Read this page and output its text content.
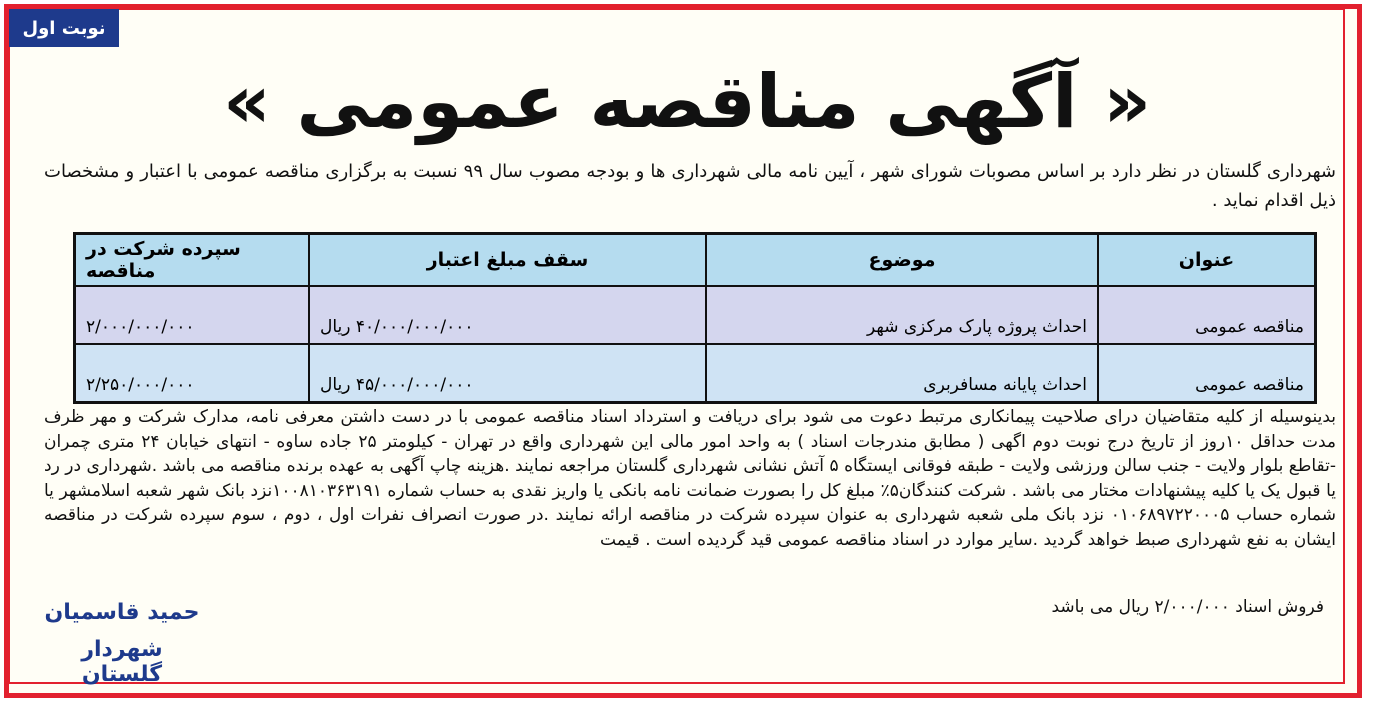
نوبت اول
« آگهی مناقصه عمومی »
شهرداری گلستان در نظر دارد بر اساس مصوبات شورای شهر ، آیین نامه مالی شهرداری ها و بودجه مصوب سال ۹۹ نسبت به برگزاری مناقصه عمومی با اعتبار و مشخصات ذیل اقدام نماید .
عنوان	موضوع	سقف مبلغ اعتبار	سپرده شرکت در مناقصه
مناقصه عمومی	احداث پروژه پارک مرکزی شهر	۴۰/۰۰۰/۰۰۰/۰۰۰ ریال	۲/۰۰۰/۰۰۰/۰۰۰
مناقصه عمومی	احداث پایانه مسافربری	۴۵/۰۰۰/۰۰۰/۰۰۰ ریال	۲/۲۵۰/۰۰۰/۰۰۰
بدینوسیله از کلیه متقاضیان درای صلاحیت پیمانکاری مرتبط دعوت می شود برای دریافت و استرداد اسناد مناقصه عمومی با در دست داشتن معرفی نامه، مدارک شرکت و مهر ظرف مدت حداقل ۱۰روز از تاریخ درج نوبت دوم اگهی ( مطابق مندرجات اسناد ) به واحد امور مالی این شهرداری واقع در تهران - کیلومتر ۲۵ جاده ساوه - انتهای خیابان ۲۴ متری چمران -تقاطع بلوار ولایت - جنب سالن ورزشی ولایت - طبقه فوقانی ایستگاه ۵ آتش نشانی شهرداری گلستان مراجعه نمایند .هزینه چاپ آگهی به عهده برنده مناقصه می باشد .شهرداری در رد یا قبول یک یا کلیه پیشنهادات مختار می باشد . شرکت کنندگان۵٪ مبلغ کل را بصورت ضمانت نامه بانکی یا واریز نقدی به حساب شماره ۱۰۰۸۱۰۳۶۳۱۹۱نزد بانک شهر شعبه اسلامشهر یا شماره حساب ۰۱۰۶۸۹۷۲۲۰۰۰۵ نزد بانک ملی شعبه شهرداری به عنوان سپرده شرکت در مناقصه ارائه نمایند .در صورت انصراف نفرات اول ، دوم ، سوم سپرده شرکت در مناقصه ایشان به نفع شهرداری صبط خواهد گردید .سایر موارد در اسناد مناقصه عمومی قید گردیده است . قیمت
فروش اسناد ۲/۰۰۰/۰۰۰ ریال می باشد
حمید قاسمیان
شهردار گلستان
